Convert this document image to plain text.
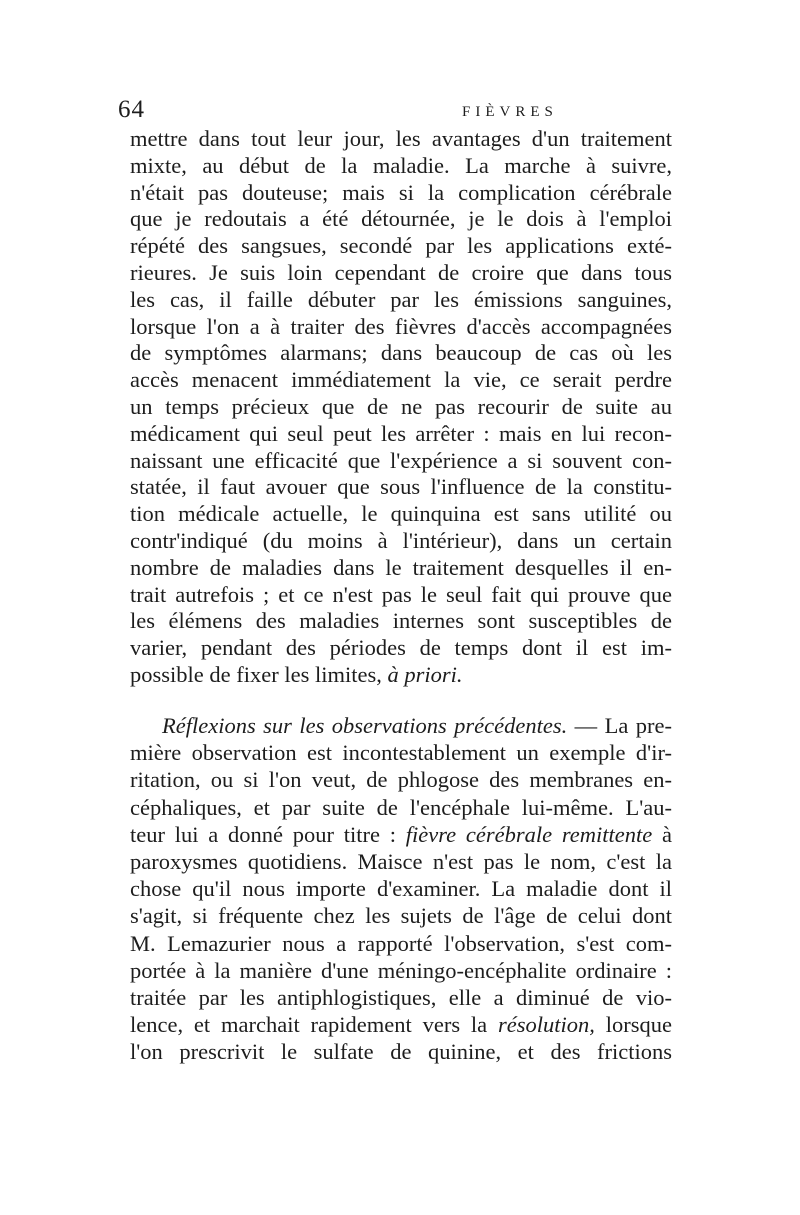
64	FIÈVRES
mettre dans tout leur jour, les avantages d'un traitement
mixte, au début de la maladie. La marche à suivre,
n'était pas douteuse; mais si la complication cérébrale
que je redoutais a été détournée, je le dois à l'emploi
répété des sangsues, secondé par les applications exté-
rieures. Je suis loin cependant de croire que dans tous
les cas, il faille débuter par les émissions sanguines,
lorsque l'on a à traiter des fièvres d'accès accompagnées
de symptômes alarmans; dans beaucoup de cas où les
accès menacent immédiatement la vie, ce serait perdre
un temps précieux que de ne pas recourir de suite au
médicament qui seul peut les arrêter : mais en lui recon-
naissant une efficacité que l'expérience a si souvent con-
statée, il faut avouer que sous l'influence de la constitu-
tion médicale actuelle, le quinquina est sans utilité ou
contr'indiqué (du moins à l'intérieur), dans un certain
nombre de maladies dans le traitement desquelles il en-
trait autrefois ; et ce n'est pas le seul fait qui prouve que
les élémens des maladies internes sont susceptibles de
varier, pendant des périodes de temps dont il est im-
possible de fixer les limites, à priori.
Réflexions sur les observations précédentes. — La pre-
mière observation est incontestablement un exemple d'ir-
ritation, ou si l'on veut, de phlogose des membranes en-
céphaliques, et par suite de l'encéphale lui-même. L'au-
teur lui a donné pour titre : fièvre cérébrale remittente à
paroxysmes quotidiens. Maisce n'est pas le nom, c'est la
chose qu'il nous importe d'examiner. La maladie dont il
s'agit, si fréquente chez les sujets de l'âge de celui dont
M. Lemazurier nous a rapporté l'observation, s'est com-
portée à la manière d'une méningo-encéphalite ordinaire :
traitée par les antiphlogistiques, elle a diminué de vio-
lence, et marchait rapidement vers la résolution, lorsque
l'on prescrivit le sulfate de quinine, et des frictions
